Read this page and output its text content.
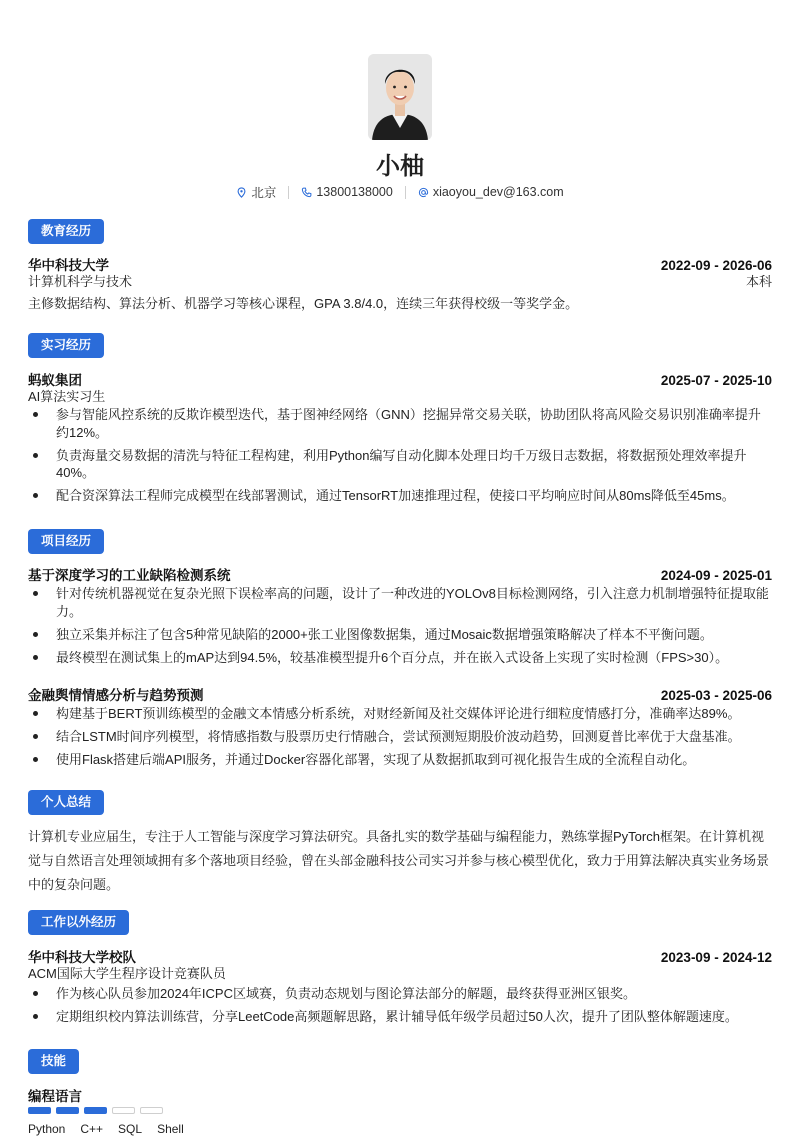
小柚
北京	13800138000	xiaoyou_dev@163.com
教育经历
华中科技大学	2022-09 - 2026-06
计算机科学与技术	本科
主修数据结构、算法分析、机器学习等核心课程，GPA 3.8/4.0，连续三年获得校级一等奖学金。
实习经历
蚂蚁集团	2025-07 - 2025-10
AI算法实习生
参与智能风控系统的反欺诈模型迭代，基于图神经网络（GNN）挖掘异常交易关联，协助团队将高风险交易识别准确率提升约12%。
负责海量交易数据的清洗与特征工程构建，利用Python编写自动化脚本处理日均千万级日志数据，将数据预处理效率提升40%。
配合资深算法工程师完成模型在线部署测试，通过TensorRT加速推理过程，使接口平均响应时间从80ms降低至45ms。
项目经历
基于深度学习的工业缺陷检测系统	2024-09 - 2025-01
针对传统机器视觉在复杂光照下误检率高的问题，设计了一种改进的YOLOv8目标检测网络，引入注意力机制增强特征提取能力。
独立采集并标注了包含5种常见缺陷的2000+张工业图像数据集，通过Mosaic数据增强策略解决了样本不平衡问题。
最终模型在测试集上的mAP达到94.5%，较基准模型提升6个百分点，并在嵌入式设备上实现了实时检测（FPS>30）。
金融舆情情感分析与趋势预测	2025-03 - 2025-06
构建基于BERT预训练模型的金融文本情感分析系统，对财经新闻及社交媒体评论进行细粒度情感打分，准确率达89%。
结合LSTM时间序列模型，将情感指数与股票历史行情融合，尝试预测短期股价波动趋势，回测夏普比率优于大盘基准。
使用Flask搭建后端API服务，并通过Docker容器化部署，实现了从数据抓取到可视化报告生成的全流程自动化。
个人总结
计算机专业应届生，专注于人工智能与深度学习算法研究。具备扎实的数学基础与编程能力，熟练掌握PyTorch框架。在计算机视觉与自然语言处理领域拥有多个落地项目经验，曾在头部金融科技公司实习并参与核心模型优化，致力于用算法解决真实业务场景中的复杂问题。
工作以外经历
华中科技大学校队	2023-09 - 2024-12
ACM国际大学生程序设计竞赛队员
作为核心队员参加2024年ICPC区域赛，负责动态规划与图论算法部分的解题，最终获得亚洲区银奖。
定期组织校内算法训练营，分享LeetCode高频题解思路，累计辅导低年级学员超过50人次，提升了团队整体解题速度。
技能
编程语言
Python C++ SQL Shell
